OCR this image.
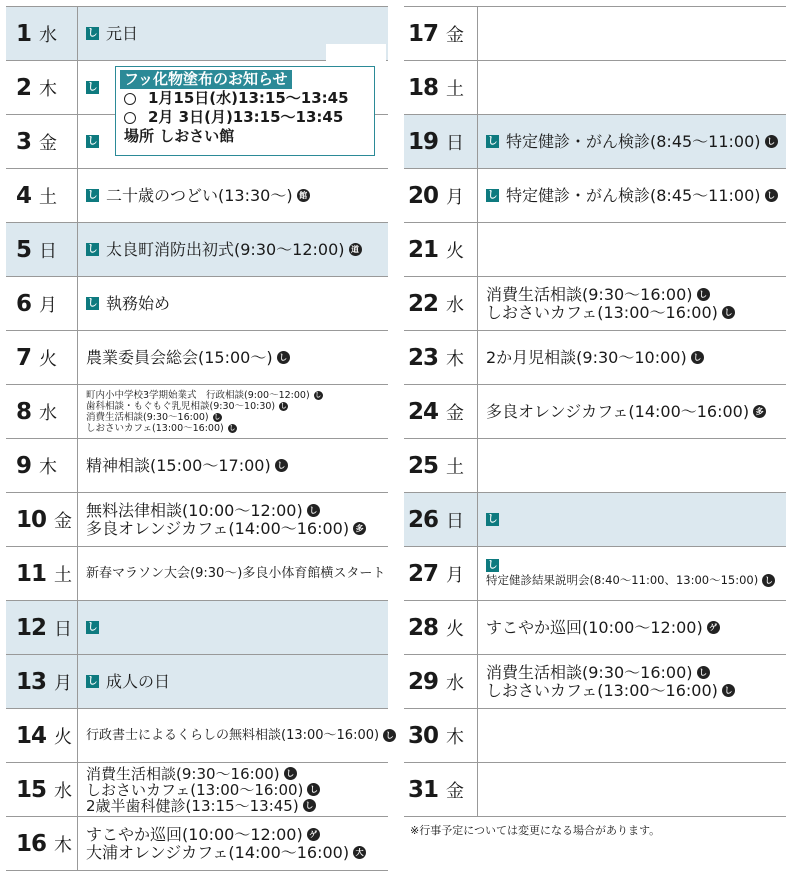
1 水	し 元日
2 木	し
3 金	し
4 土	し 二十歳のつどい(13:30〜) 館
5 日	し 太良町消防出初式(9:30〜12:00) 道
6 月	し 執務始め
7 火 農業委員会総会(15:00〜) し
8 水
町内小中学校3学期始業式　行政相談(9:00〜12:00) し
歯科相談・もぐもぐ乳児相談(9:30〜10:30) し
消費生活相談(9:30〜16:00) し
しおさいカフェ(13:00〜16:00) し
9 木 精神相談(15:00〜17:00) し
10 金
無料法律相談(10:00〜12:00) し
多良オレンジカフェ(14:00〜16:00) 多
11 土 新春マラソン大会(9:30〜)多良小体育館横スタート
12 日 し
13 月 し 成人の日
14 火 行政書士によるくらしの無料相談(13:00〜16:00) し
15 水
消費生活相談(9:30〜16:00) し
しおさいカフェ(13:00〜16:00) し
2歳半歯科健診(13:15〜13:45) し
16 木
すこやか巡回(10:00〜12:00) ゲ
大浦オレンジカフェ(14:00〜16:00) 大
17 金
18 土
19 日 し 特定健診・がん検診(8:45〜11:00) し
20 月 し 特定健診・がん検診(8:45〜11:00) し
21 火
22 水
消費生活相談(9:30〜16:00) し
しおさいカフェ(13:00〜16:00) し
23 木 2か月児相談(9:30〜10:00) し
24 金 多良オレンジカフェ(14:00〜16:00) 多
25 土
26 日 し
27 月 し
特定健診結果説明会(8:40〜11:00、13:00〜15:00) し
28 火 すこやか巡回(10:00〜12:00) ゲ
29 水
消費生活相談(9:30〜16:00) し
しおさいカフェ(13:00〜16:00) し
30 木
31 金
フッ化物塗布のお知らせ
1月15日(水)13:15〜13:45
2月 3日(月)13:15〜13:45
場所 しおさい館
※行事予定については変更になる場合があります。
